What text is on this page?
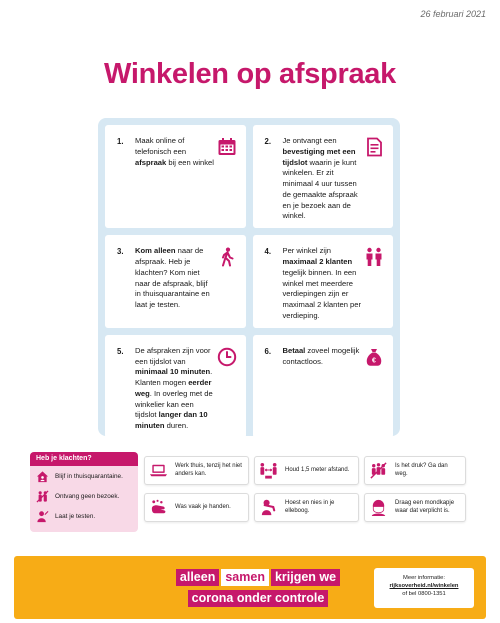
26 februari 2021
Winkelen op afspraak
1. Maak online of telefonisch een afspraak bij een winkel
2. Je ontvangt een bevestiging met een tijdslot waarin je kunt winkelen. Er zit minimaal 4 uur tussen de gemaakte afspraak en je bezoek aan de winkel.
3. Kom alleen naar de afspraak. Heb je klachten? Kom niet naar de afspraak, blijf in thuisquarantaine en laat je testen.
4. Per winkel zijn maximaal 2 klanten tegelijk binnen. In een winkel met meerdere verdiepingen zijn er maximaal 2 klanten per verdieping.
5. De afspraken zijn voor een tijdslot van minimaal 10 minuten. Klanten mogen eerder weg. In overleg met de winkelier kan een tijdslot langer dan 10 minuten duren.
6. Betaal zoveel mogelijk contactloos.	€
Heb je klachten?
Blijf in thuisquarantaine.
Ontvang geen bezoek.
Laat je testen.
Werk thuis, tenzij het niet anders kan.
Houd 1,5 meter afstand.
Is het druk? Ga dan weg.
Was vaak je handen.
Hoest en nies in je elleboog.
Draag een mondkapje waar dat verplicht is.
alleen samen krijgen we
corona onder controle
Meer informatie:
rijksoverheid.nl/winkelen
of bel 0800-1351
